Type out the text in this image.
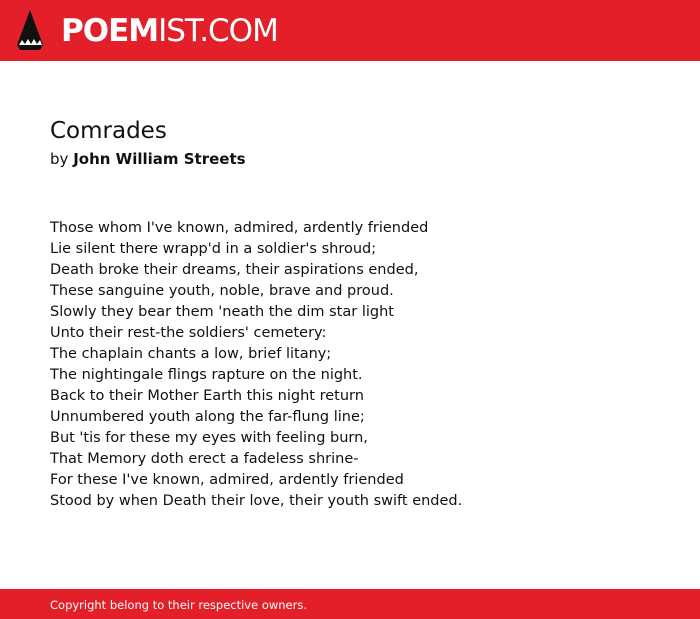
POEMIST.COM
Comrades
by John William Streets
Those whom I've known, admired, ardently friended
Lie silent there wrapp'd in a soldier's shroud;
Death broke their dreams, their aspirations ended,
These sanguine youth, noble, brave and proud.
Slowly they bear them 'neath the dim star light
Unto their rest-the soldiers' cemetery:
The chaplain chants a low, brief litany;
The nightingale flings rapture on the night.
Back to their Mother Earth this night return
Unnumbered youth along the far-flung line;
But 'tis for these my eyes with feeling burn,
That Memory doth erect a fadeless shrine-
For these I've known, admired, ardently friended
Stood by when Death their love, their youth swift ended.
Copyright belong to their respective owners.
